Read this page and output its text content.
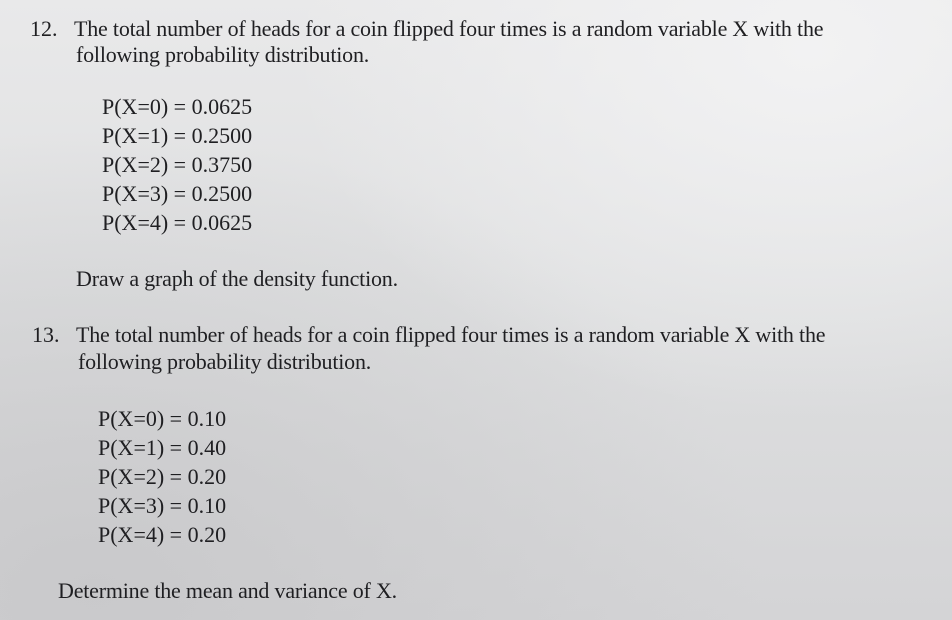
12. The total number of heads for a coin flipped four times is a random variable X with the
following probability distribution.
P(X=0) = 0.0625
P(X=1) = 0.2500
P(X=2) = 0.3750
P(X=3) = 0.2500
P(X=4) = 0.0625
Draw a graph of the density function.
13. The total number of heads for a coin flipped four times is a random variable X with the
following probability distribution.
P(X=0) = 0.10
P(X=1) = 0.40
P(X=2) = 0.20
P(X=3) = 0.10
P(X=4) = 0.20
Determine the mean and variance of X.
